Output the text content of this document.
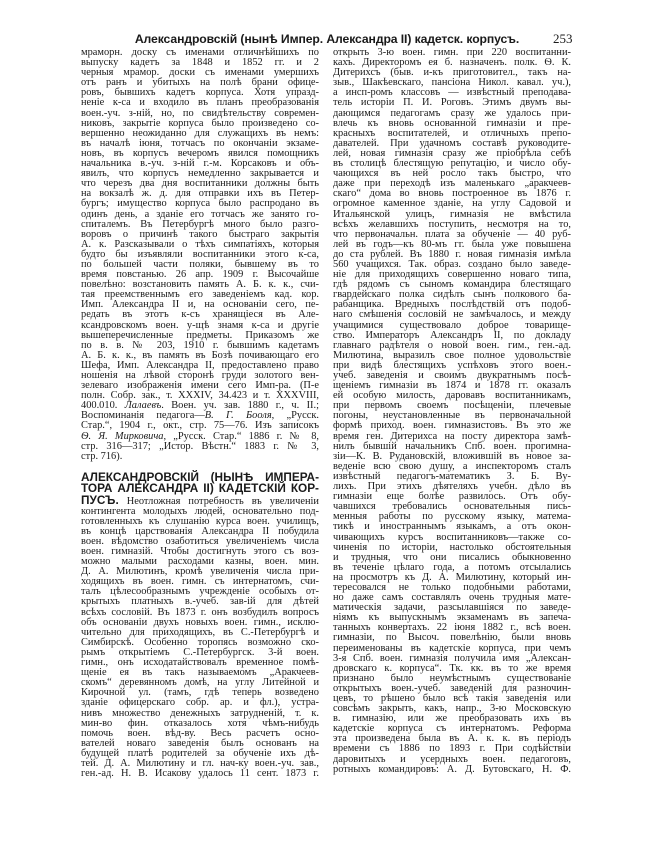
Александровскій (нынѣ Импер. Александра II) кадетск. корпусъ.	253
мраморн. доску съ именами отличнѣйшихъ по
выпуску кадетъ за 1848 и 1852 гг. и 2
черныя мрамор. доски съ именами умершихъ
отъ ранъ и убитыхъ на полѣ брани офице-
ровъ, бывшихъ кадетъ корпуса. Хотя упразд-
неніе к-са и входило въ планъ преобразованія
воен.-уч. з-ній, но, по свидѣтельству современ-
никовъ, закрытіе корпуса было произведено со-
вершенно неожиданно для служащихъ въ немъ:
въ началѣ іюня, тотчасъ по окончаніи экзаме-
новъ, въ корпусъ вечеромъ явился помощникъ
начальника в.-уч. з-ній г.-м. Корсаковъ и объ-
явилъ, что корпусъ немедленно закрывается и
что черезъ два дня воспитанники должны быть
на вокзалѣ ж. д. для отправки ихъ въ Петер-
бургъ; имущество корпуса было распродано въ
одинъ день, а зданіе его тотчасъ же занято го-
спиталемъ. Въ Петербургѣ много было разго-
воровъ о причинѣ такого быстраго закрытія
А. к. Разсказывали о тѣхъ симпатіяхъ, которыя
будто бы изъявляли воспитанники этого к-са,
по большей части поляки, бывшему въ то
время повстанью. 26 апр. 1909 г. Высочайше
повелѣно: возстановить память А. Б. к. к., счи-
тая преемственнымъ его заведеніемъ кад. кор.
Имп. Александра II и, на основаніи сего, пе-
редать въ этотъ к-съ хранящіеся въ Але-
ксандровскомъ воен. у-щѣ знамя к-са и другіе
вышеперечисленные предметы. Приказомъ же
по в. в. № 203, 1910 г. бывшимъ кадетамъ
А. Б. к. к., въ память въ Бозѣ почивающаго его
Шефа, Имп. Александра II, предоставлено право
ношенія на лѣвой сторонѣ груди золотого вен-
зелеваго изображенія имени сего Имп-ра. (П-е
полн. Собр. зак., т. XXXIV, 34.423 и т. XXXVIII,
400.010. Лалаевъ. Воен. уч. зав. 1880 г., ч. II.;
Воспоминанія педагога—В. Г. Бооля, „Русск.
Стар.“, 1904 г., окт., стр. 75—76. Изъ записокъ
Ѳ. Я. Мирковича, „Русск. Стар.“ 1886 г. № 8,
стр. 316—317; „Истор. Вѣстн.“ 1883 г. № 3,
стр. 716).
АЛЕКСАНДРОВСКІЙ (НЫНѢ ИМПЕРА-
ТОРА АЛЕКСАНДРА II) КАДЕТСКІЙ КОР-
ПУСЪ. Неотложная потребность въ увеличеніи
контингента молодыхъ людей, основательно под-
готовленныхъ къ слушанію курса воен. училищъ,
въ концѣ царствованія Александра II побудила
воен. вѣдомство озаботиться увеличеніемъ числа
воен. гимназій. Чтобы достигнуть этого съ воз-
можно малыми расходами казны, воен. мин.
Д. А. Милютинъ, кромѣ увеличенія числа при-
ходящихъ въ воен. гимн. съ интернатомъ, счи-
талъ цѣлесообразнымъ учрежденіе особыхъ от-
крытыхъ платныхъ в.-учеб. зав-ій для дѣтей
всѣхъ сословій. Въ 1873 г. онъ возбудилъ вопросъ
объ основаніи двухъ новыхъ воен. гимн., исклю-
чительно для приходящихъ, въ С.-Петербургѣ и
Симбирскѣ. Особенно торопясь возможно ско-
рымъ открытіемъ С.-Петербургск. 3-й воен.
гимн., онъ исходатайствовалъ временное помѣ-
щеніе ея въ такъ называемомъ „Аракчеев-
скомъ“ деревянномъ домѣ, на углу Литейной и
Кирочной ул. (тамъ, гдѣ теперь возведено
зданіе офицерскаго собр. ар. и фл.), устра-
нивъ множество денежныхъ затрудненій, т. к.
мин-во фин. отказалось хотя чѣмъ-нибудь
помочь воен. вѣд-ву. Весь расчетъ осно-
вателей новаго заведенія былъ основанъ на
будущей платѣ родителей за обученіе ихъ дѣ-
тей. Д. А. Милютину и гл. нач-ку воен.-уч. зав.,
ген.-ад. Н. В. Исакову удалось 11 сент. 1873 г.
открыть 3-ю воен. гимн. при 220 воспитанни-
кахъ. Директоромъ ея б. назначенъ. полк. Ѳ. К.
Дитерихсъ (быв. и-къ приготовител., такъ на-
зыв., Шакѣевскаго, пансіона Никол. кавал. уч.),
а инсп-ромъ классовъ — извѣстный преподава-
тель исторіи П. И. Роговъ. Этимъ двумъ вы-
дающимся педагогамъ сразу же удалось при-
влечь къ вновь основанной гимназіи и пре-
красныхъ воспитателей, и отличныхъ препо-
давателей. При удачномъ составѣ руководите-
лей, новая гимназія сразу же пріобрѣла себѣ
въ столицѣ блестящую репутацію, и число обу-
чающихся въ ней росло такъ быстро, что
даже при переходѣ изъ маленькаго „аракчеев-
скаго“ дома во вновь построенное въ 1876 г.
огромное каменное зданіе, на углу Садовой и
Итальянской улицъ, гимназія не вмѣстила
всѣхъ желавшихъ поступить, несмотря на то,
что первоначальн. плата за обученіе — 40 руб-
лей въ годъ—къ 80-мъ гг. была уже повышена
до ста рублей. Въ 1880 г. новая гимназія имѣла
560 учащихся. Так. образ. создано было заведе-
ніе для приходящихъ совершенно новаго типа,
гдѣ рядомъ съ сыномъ командира блестящаго
гвардейскаго полка сидѣлъ сынъ полкового ба-
рабанщика. Вредныхъ послѣдствій отъ подоб-
наго смѣшенія сословій не замѣчалось, и между
учащимися существовало доброе товарище-
ство. Императоръ Александръ II, по докладу
главнаго радѣтеля о новой воен. гим., ген.-ад.
Милютина, выразилъ свое полное удовольствіе
при видѣ блестящихъ успѣховъ этого воен.-
учеб. заведенія и своимъ двукратнымъ посѣ-
щеніемъ гимназіи въ 1874 и 1878 гг. оказалъ
ей особую милость, даровавъ воспитанникамъ,
при первомъ своемъ посѣщеніи, плечевые
погоны, неустановленные въ первоначальной
формѣ приход. воен. гимназистовъ. Въ это же
время ген. Дитерихса на посту директора замѣ-
нилъ бывшій начальникъ Спб. воен. прогимна-
зіи—К. В. Рудановскій, вложившій въ новое за-
веденіе всю свою душу, а инспекторомъ сталъ
извѣстный педагогъ-математикъ З. Б. Ву-
лихъ. При этихъ дѣятеляхъ учебн. дѣло въ
гимназіи еще болѣе развилось. Отъ обу-
чавшихся требовались основательныя пись-
менныя работы по русскому языку, матема-
тикѣ и иностраннымъ языкамъ, а отъ окон-
чивающихъ курсъ воспитанниковъ—также со-
чиненія по исторіи, настолько обстоятельныя
и трудныя, что они писались обыкновенно
въ теченіе цѣлаго года, а потомъ отсылались
на просмотръ къ Д. А. Милютину, который ин-
тересовался не только подобными работами,
но даже самъ составлялъ очень трудныя мате-
матическія задачи, разсылавшіяся по заведе-
ніямъ къ выпускнымъ экзаменамъ въ запеча-
танныхъ конвертахъ. 22 іюня 1882 г., всѣ воен.
гимназіи, по Высоч. повелѣнію, были вновь
переименованы въ кадетскіе корпуса, при чемъ
3-я Спб. воен. гимназія получила имя „Алексан-
дровскаго к. корпуса“. Тк. кк. въ то же время
признано было неумѣстнымъ существованіе
открытыхъ воен.-учеб. заведеній для разночин-
цевъ, то рѣшено было всѣ такія заведенія или
совсѣмъ закрыть, какъ, напр., 3-ю Московскую
в. гимназію, или же преобразовать ихъ въ
кадетскіе корпуса съ интернатомъ. Реформа
эта произведена была въ А. к. к. въ періодъ
времени съ 1886 по 1893 г. При содѣйствіи
даровитыхъ и усердныхъ воен. педагоговъ,
ротныхъ командировъ: А. Д. Бутовскаго, Н. Ф.
